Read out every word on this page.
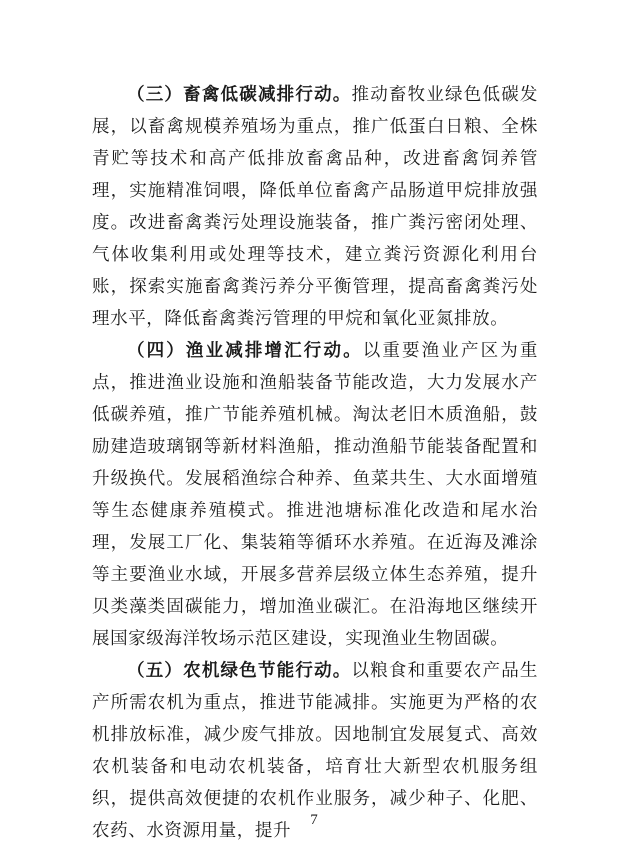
（三）畜禽低碳减排行动。推动畜牧业绿色低碳发展，以畜禽规模养殖场为重点，推广低蛋白日粮、全株青贮等技术和高产低排放畜禽品种，改进畜禽饲养管理，实施精准饲喂，降低单位畜禽产品肠道甲烷排放强度。改进畜禽粪污处理设施装备，推广粪污密闭处理、气体收集利用或处理等技术，建立粪污资源化利用台账，探索实施畜禽粪污养分平衡管理，提高畜禽粪污处理水平，降低畜禽粪污管理的甲烷和氧化亚氮排放。

（四）渔业减排增汇行动。以重要渔业产区为重点，推进渔业设施和渔船装备节能改造，大力发展水产低碳养殖，推广节能养殖机械。淘汰老旧木质渔船，鼓励建造玻璃钢等新材料渔船，推动渔船节能装备配置和升级换代。发展稻渔综合种养、鱼菜共生、大水面增殖等生态健康养殖模式。推进池塘标准化改造和尾水治理，发展工厂化、集装箱等循环水养殖。在近海及滩涂等主要渔业水域，开展多营养层级立体生态养殖，提升贝类藻类固碳能力，增加渔业碳汇。在沿海地区继续开展国家级海洋牧场示范区建设，实现渔业生物固碳。

（五）农机绿色节能行动。以粮食和重要农产品生产所需农机为重点，推进节能减排。实施更为严格的农机排放标准，减少废气排放。因地制宜发展复式、高效农机装备和电动农机装备，培育壮大新型农机服务组织，提供高效便捷的农机作业服务，减少种子、化肥、农药、水资源用量，提升

7
